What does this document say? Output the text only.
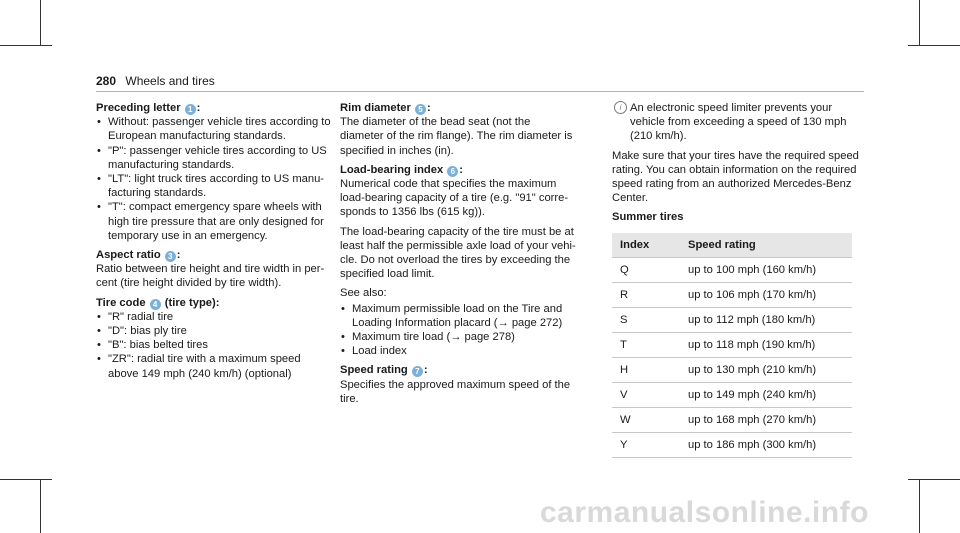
280 Wheels and tires
Preceding letter 1 :
• Without: passenger vehicle tires according to European manufacturing standards.
• "P": passenger vehicle tires according to US manufacturing standards.
• "LT": light truck tires according to US manu-facturing standards.
• "T": compact emergency spare wheels with high tire pressure that are only designed for temporary use in an emergency.
Aspect ratio 3 :

Ratio between tire height and tire width in per-cent (tire height divided by tire width).

Tire code 4 (tire type):
• "R" radial tire
• "D": bias ply tire
• "B": bias belted tires
• "ZR": radial tire with a maximum speed above 149 mph (240 km/h) (optional)
Rim diameter 5 :

The diameter of the bead seat (not the diameter of the rim flange). The rim diameter is specified in inches (in).

Load-bearing index 6 :

Numerical code that specifies the maximum load-bearing capacity of a tire (e.g. "91" corre-sponds to 1356 lbs (615 kg)).

The load-bearing capacity of the tire must be at least half the permissible axle load of your vehi-cle. Do not overload the tires by exceeding the specified load limit.

See also:

• Maximum permissible load on the Tire and Loading Information placard (→ page 272)
• Maximum tire load (→ page 278)
• Load index
Speed rating 7 :

Specifies the approved maximum speed of the tire.

i An electronic speed limiter prevents your vehicle from exceeding a speed of 130 mph (210 km/h).

Make sure that your tires have the required speed rating. You can obtain information on the required speed rating from an authorized Mercedes-Benz Center.

Summer tires
Index	Speed rating
Q	up to 100 mph (160 km/h)
R	up to 106 mph (170 km/h)
S	up to 112 mph (180 km/h)
T	up to 118 mph (190 km/h)
H	up to 130 mph (210 km/h)
V	up to 149 mph (240 km/h)
W	up to 168 mph (270 km/h)
Y	up to 186 mph (300 km/h)
carmanualsonline.info
